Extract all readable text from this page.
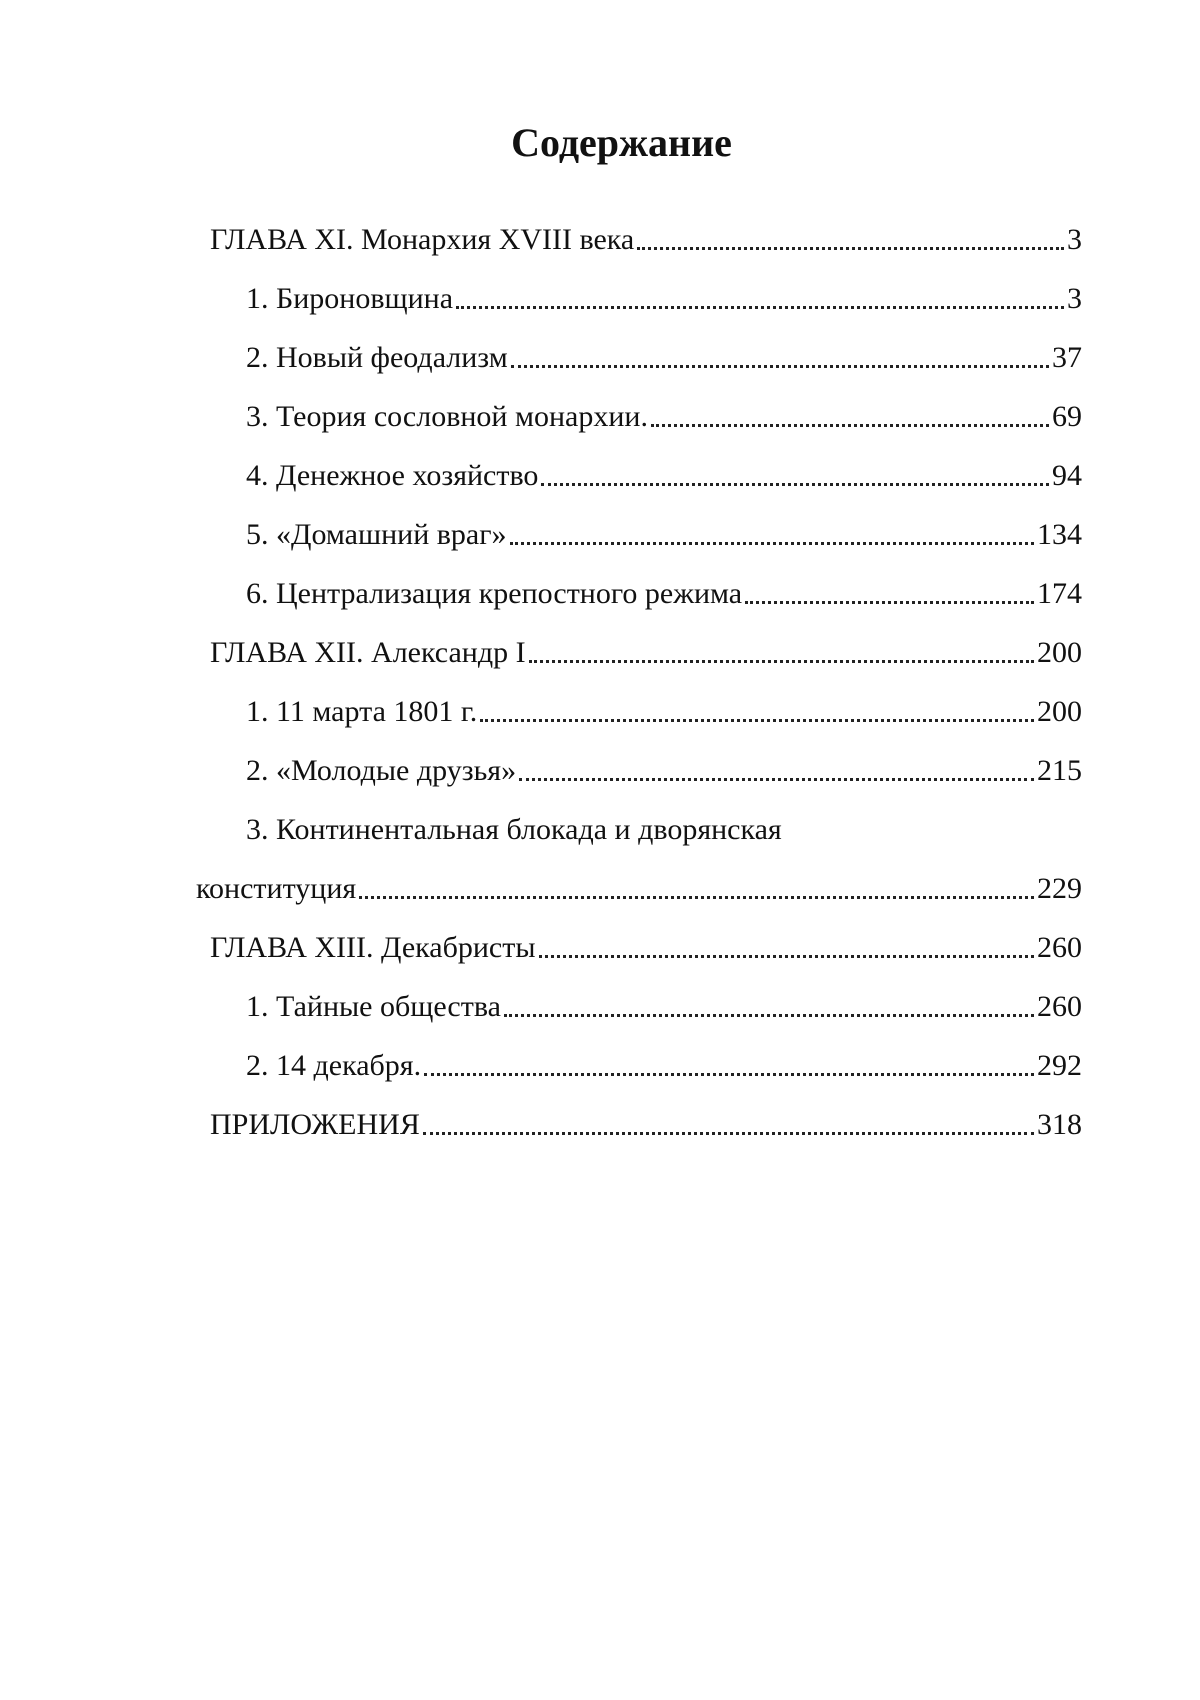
Содержание
ГЛАВА XI. Монархия XVIII века	3
1. Бироновщина	3
2. Новый феодализм	37
3. Теория сословной монархии.	69
4. Денежное хозяйство	94
5. «Домашний враг»	134
6. Централизация крепостного режима	174
ГЛАВА XII. Александр I	200
1. 11 марта 1801 г.	200
2. «Молодые друзья»	215
3. Континентальная блокада и дворянская
конституция	229
ГЛАВА XIII. Декабристы	260
1. Тайные общества	260
2. 14 декабря.	292
ПРИЛОЖЕНИЯ	318
